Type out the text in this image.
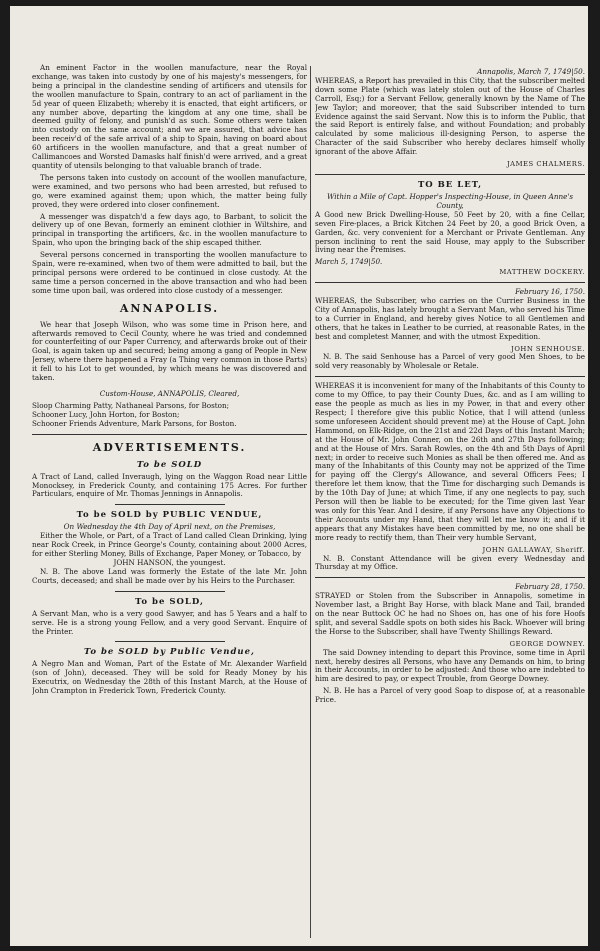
An eminent Factor in the woollen manufacture, near the Royal exchange, was taken into custody by one of his majesty's messengers, for being a principal in the clandestine sending of artificers and utensils for the woollen manufacture to Spain, contrary to an act of parliament in the 5d year of queen Elizabeth; whereby it is enacted, that eight artificers, or any number above, departing the kingdom at any one time, shall be deemed guilty of felony, and punish'd as such. Some others were taken into custody on the same account; and we are assured, that advice has been receiv'd of the safe arrival of a ship to Spain, having on board about 60 artificers in the woollen manufacture, and that a great number of Callimancoes and Worsted Damasks half finish'd were arrived, and a great quantity of utensils belonging to that valuable branch of trade.

The persons taken into custody on account of the woollen manufacture, were examined, and two persons who had been arrested, but refused to go, were examined against them; upon which, the matter being fully proved, they were ordered into closer confinement.

A messenger was dispatch'd a few days ago, to Barbant, to solicit the delivery up of one Bevan, formerly an eminent clothier in Wiltshire, and principal in transporting the artificers, &c. in the woollen manufacture to Spain, who upon the bringing back of the ship escaped thither.

Several persons concerned in transporting the woollen manufacture to Spain, were re-examined, when two of them were admitted to bail, but the principal persons were ordered to be continued in close custody. At the same time a person concerned in the above transaction and who had been some time upon bail, was ordered into close custody of a messenger.

ANNAPOLIS.

We hear that Joseph Wilson, who was some time in Prison here, and afterwards removed to Cecil County, where he was tried and condemned for counterfeiting of our Paper Currency, and afterwards broke out of their Goal, is again taken up and secured; being among a gang of People in New Jersey, where there happened a Fray (a Thing very common in those Parts) it fell to his Lot to get wounded, by which means he was discovered and taken.

Custom-House, ANNAPOLIS, Cleared,

Sloop Charming Patty, Nathaneal Parsons, for Boston;

Schooner Lucy, John Horton, for Boston;

Schooner Friends Adventure, Mark Parsons, for Boston.

ADVERTISEMENTS.
To be SOLD

A Tract of Land, called Inveraugh, lying on the Waggon Road near Little Monocksey, in Frederick County, and containing 175 Acres. For further Particulars, enquire of Mr. Thomas Jennings in Annapolis.

To be SOLD by PUBLIC VENDUE,

On Wednesday the 4th Day of April next, on the Premises,

Either the Whole, or Part, of a Tract of Land called Clean Drinking, lying near Rock Creek, in Prince George's County, containing about 2000 Acres, for either Sterling Money, Bills of Exchange, Paper Money, or Tobacco, by

JOHN HANSON, the youngest.

N. B. The above Land was formerly the Estate of the late Mr. John Courts, deceased; and shall be made over by his Heirs to the Purchaser.

To be SOLD,

A Servant Man, who is a very good Sawyer, and has 5 Years and a half to serve. He is a strong young Fellow, and a very good Servant. Enquire of the Printer.

To be SOLD by Public Vendue,

A Negro Man and Woman, Part of the Estate of Mr. Alexander Warfield (son of John), deceased. They will be sold for Ready Money by his Executrix, on Wednesday the 28th of this Instant March, at the House of John Crampton in Frederick Town, Frederick County.

Annapolis, March 7, 1749|50.

WHEREAS, a Report has prevailed in this City, that the subscriber melted down some Plate (which was lately stolen out of the House of Charles Carroll, Esq;) for a Servant Fellow, generally known by the Name of The Jew Taylor; and moreover, that the said Subscriber intended to turn Evidence against the said Servant. Now this is to inform the Public, that the said Report is entirely false, and without Foundation; and probably calculated by some malicious ill-designing Person, to asperse the Character of the said Subscriber who hereby declares himself wholly ignorant of the above Affair.

JAMES CHALMERS.

TO BE LET,

Within a Mile of Capt. Hopper's Inspecting-House, in Queen Anne's County,

A Good new Brick Dwelling-House, 50 Feet by 20, with a fine Cellar, seven Fire-places, a Brick Kitchen 24 Feet by 20, a good Brick Oven, a Garden, &c. very convenient for a Merchant or Private Gentleman. Any person inclining to rent the said House, may apply to the Subscriber living near the Premises.

March 5, 1749|50.

MATTHEW DOCKERY.

February 16, 1750.

WHEREAS, the Subscriber, who carries on the Currier Business in the City of Annapolis, has lately brought a Servant Man, who served his Time to a Currier in England, and hereby gives Notice to all Gentlemen and others, that he takes in Leather to be curried, at reasonable Rates, in the best and completest Manner, and with the utmost Expedition.

JOHN SENHOUSE.

N. B. The said Senhouse has a Parcel of very good Men Shoes, to be sold very reasonably by Wholesale or Retale.

WHEREAS it is inconvenient for many of the Inhabitants of this County to come to my Office, to pay their County Dues, &c. and as I am willing to ease the people as much as lies in my Power, in that and every other Respect; I therefore give this public Notice, that I will attend (unless some unforeseen Accident should prevent me) at the House of Capt. John Hammond, on Elk-Ridge, on the 21st and 22d Days of this Instant March; at the House of Mr. John Conner, on the 26th and 27th Days following; and at the House of Mrs. Sarah Rowles, on the 4th and 5th Days of April next; in order to receive such Monies as shall be then offered me. And as many of the Inhabitants of this County may not be apprized of the Time for paying off the Clergy's Allowance, and several Officers Fees; I therefore let them know, that the Time for discharging such Demands is by the 10th Day of June; at which Time, if any one neglects to pay, such Person will then be liable to be executed; for the Time given last Year was only for this Year. And I desire, if any Persons have any Objections to their Accounts under my Hand, that they will let me know it; and if it appears that any Mistakes have been committed by me, no one shall be more ready to rectify them, than Their very humble Servant,

JOHN GALLAWAY, Sheriff.

N. B. Constant Attendance will be given every Wednesday and Thursday at my Office.

February 28, 1750.

STRAYED or Stolen from the Subscriber in Annapolis, sometime in November last, a Bright Bay Horse, with black Mane and Tail, branded on the near Buttock OC he had no Shoes on, has one of his fore Hoofs split, and several Saddle spots on both sides his Back. Whoever will bring the Horse to the Subscriber, shall have Twenty Shillings Reward.

GEORGE DOWNEY.

The said Downey intending to depart this Province, some time in April next, hereby desires all Persons, who have any Demands on him, to bring in their Accounts, in order to be adjusted: And those who are indebted to him are desired to pay, or expect Trouble, from George Downey.

N. B. He has a Parcel of very good Soap to dispose of, at a reasonable Price.
